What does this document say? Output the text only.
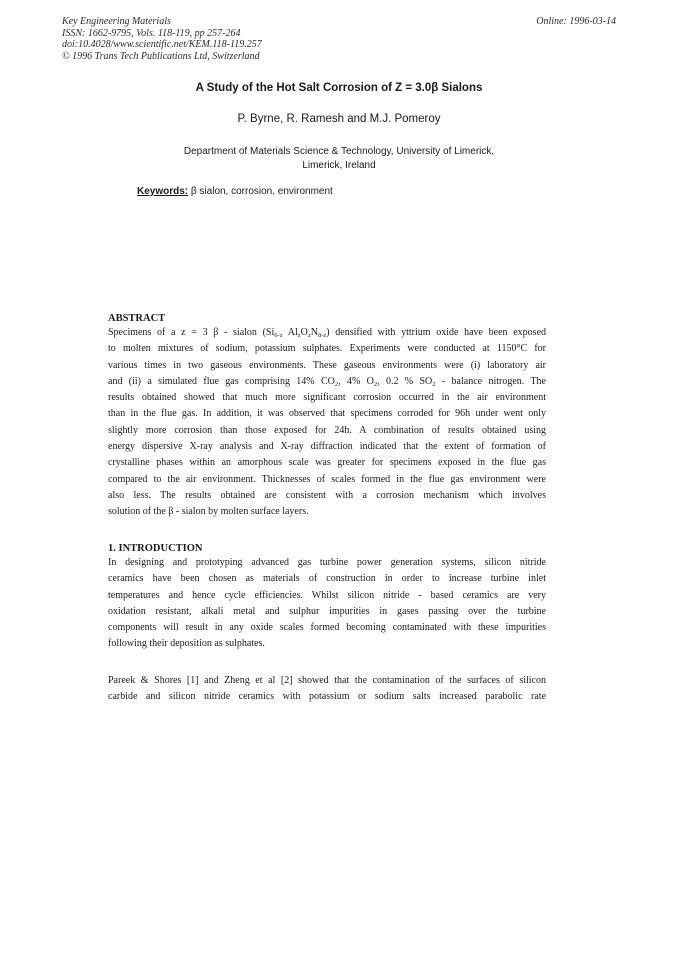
Key Engineering Materials
ISSN: 1662-9795, Vols. 118-119, pp 257-264
doi:10.4028/www.scientific.net/KEM.118-119.257
© 1996 Trans Tech Publications Ltd, Switzerland
Online: 1996-03-14
A Study of the Hot Salt Corrosion of Z = 3.0β Sialons
P. Byrne, R. Ramesh and M.J. Pomeroy
Department of Materials Science & Technology, University of Limerick,
Limerick, Ireland
Keywords: β sialon, corrosion, environment
ABSTRACT
Specimens of a z = 3 β - sialon ($Si_{6-z}$ $Al_zO_zN_{8-z}$) densified with yttrium oxide have been exposed
to molten mixtures of sodium, potassium sulphates. Experiments were conducted at 1150°C for
various times in two gaseous environments. These gaseous environments were (i) laboratory air
and (ii) a simulated flue gas comprising 14% $CO_2$, 4% $O_2$, 0.2 % $SO_2$ - balance nitrogen. The
results obtained showed that much more significant corrosion occurred in the air environment
than in the flue gas. In addition, it was observed that specimens corroded for 96h under went only
slightly more corrosion than those exposed for 24h. A combination of results obtained using
energy dispersive X-ray analysis and X-ray diffraction indicated that the extent of formation of
crystalline phases within an amorphous scale was greater for specimens exposed in the flue gas
compared to the air environment. Thicknesses of scales formed in the flue gas environment were
also less. The results obtained are consistent with a corrosion mechanism which involves
solution of the β - sialon by molten surface layers.
1. INTRODUCTION
In designing and prototyping advanced gas turbine power generation systems, silicon nitride
ceramics have been chosen as materials of construction in order to increase turbine inlet
temperatures and hence cycle efficiencies. Whilst silicon nitride - based ceramics are very
oxidation resistant, alkali metal and sulphur impurities in gases passing over the turbine
components will result in any oxide scales formed becoming contaminated with these impurities
following their deposition as sulphates.
Pareek & Shores [1] and Zheng et al [2] showed that the contamination of the surfaces of silicon
carbide and silicon nitride ceramics with potassium or sodium salts increased parabolic rate
